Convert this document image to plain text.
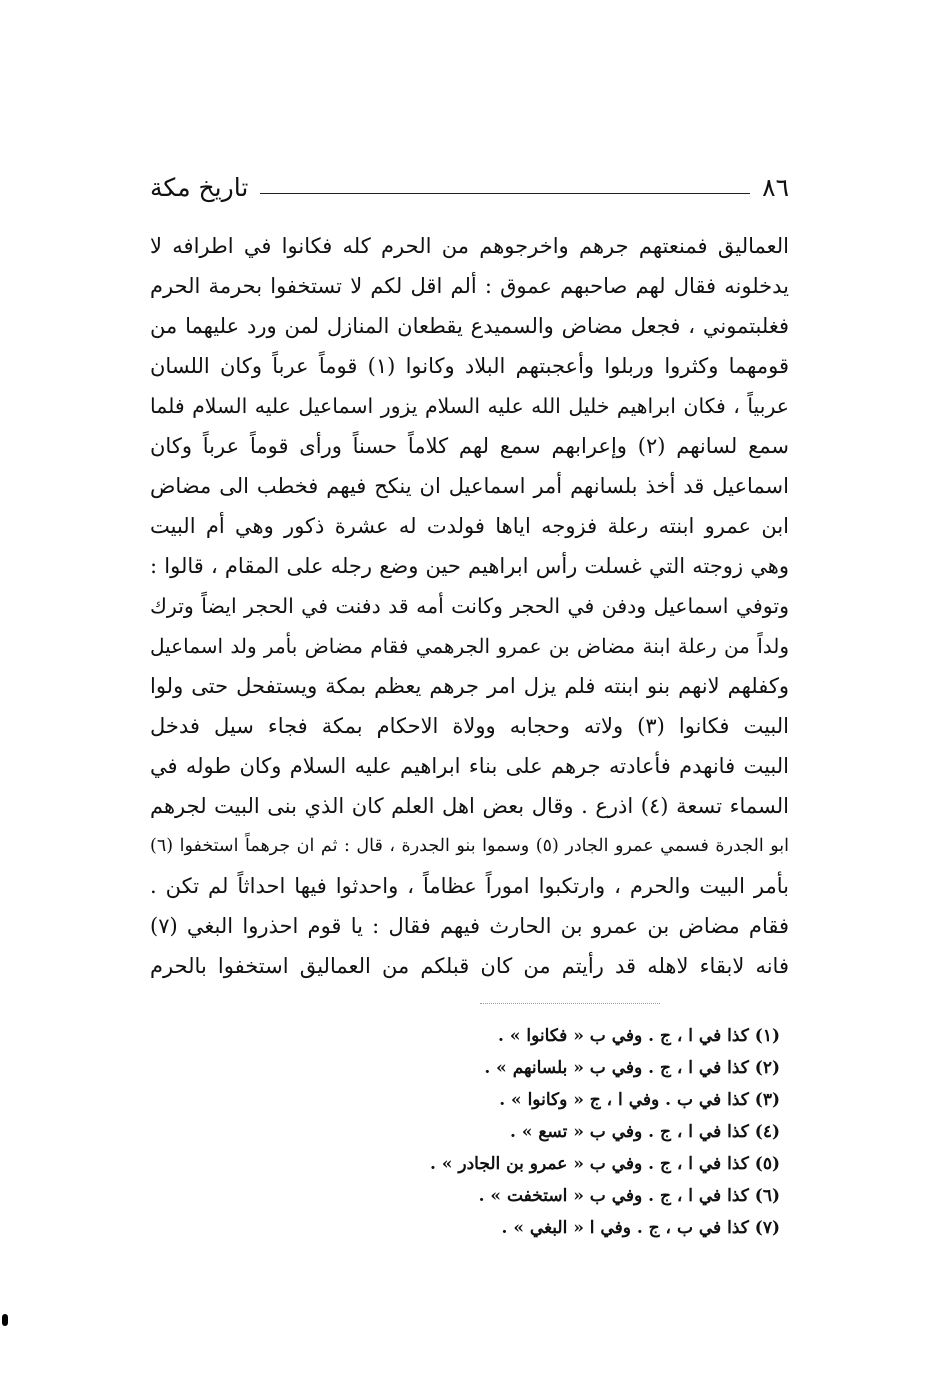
٨٦
تاريخ مكة
العماليق فمنعتهم جرهم واخرجوهم من الحرم كله فكانوا في اطرافه لا
يدخلونه فقال لهم صاحبهم عموق : ألم اقل لكم لا تستخفوا بحرمة الحرم
فغلبتموني ، فجعل مضاض والسميدع يقطعان المنازل لمن ورد عليهما من
قومهما وكثروا وربلوا وأعجبتهم البلاد وكانوا (١) قوماً عرباً وكان اللسان
عربياً ، فكان ابراهيم خليل الله عليه السلام يزور اسماعيل عليه السلام فلما
سمع لسانهم (٢) وإعرابهم سمع لهم كلاماً حسناً ورأى قوماً عرباً وكان
اسماعيل قد أخذ بلسانهم أمر اسماعيل ان ينكح فيهم فخطب الى مضاض
ابن عمرو ابنته رعلة فزوجه اياها فولدت له عشرة ذكور وهي أم البيت
وهي زوجته التي غسلت رأس ابراهيم حين وضع رجله على المقام ، قالوا :
وتوفي اسماعيل ودفن في الحجر وكانت أمه قد دفنت في الحجر ايضاً وترك
ولداً من رعلة ابنة مضاض بن عمرو الجرهمي فقام مضاض بأمر ولد اسماعيل
وكفلهم لانهم بنو ابنته فلم يزل امر جرهم يعظم بمكة ويستفحل حتى ولوا
البيت فكانوا (٣) ولاته وحجابه وولاة الاحكام بمكة فجاء سيل فدخل
البيت فانهدم فأعادته جرهم على بناء ابراهيم عليه السلام وكان طوله في
السماء تسعة (٤) اذرع . وقال بعض اهل العلم كان الذي بنى البيت لجرهم
ابو الجدرة فسمي عمرو الجادر (٥) وسموا بنو الجدرة ، قال : ثم ان جرهماً استخفوا (٦)
بأمر البيت والحرم ، وارتكبوا اموراً عظاماً ، واحدثوا فيها احداثاً لم تكن .
فقام مضاض بن عمرو بن الحارث فيهم فقال : يا قوم احذروا البغي (٧)
فانه لابقاء لاهله قد رأيتم من كان قبلكم من العماليق استخفوا بالحرم
(١) كذا في ا ، ج . وفي ب « فكانوا » .
(٢) كذا في ا ، ج . وفي ب « بلسانهم » .
(٣) كذا في ب . وفي ا ، ج « وكانوا » .
(٤) كذا في ا ، ج . وفي ب « تسع » .
(٥) كذا في ا ، ج . وفي ب « عمرو بن الجادر » .
(٦) كذا في ا ، ج . وفي ب « استخفت » .
(٧) كذا في ب ، ج . وفي ا « البغي » .
